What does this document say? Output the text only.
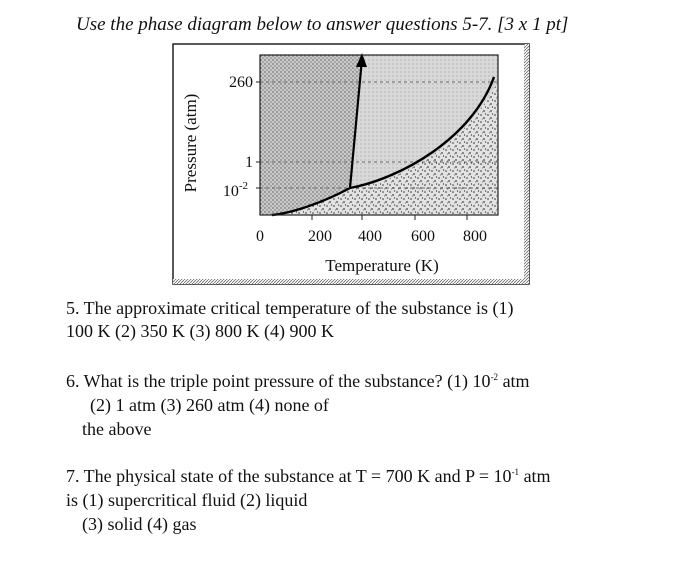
Use the phase diagram below to answer questions 5-7. [3 x 1 pt]
260
1
$10^{-2}$
0	200 400 600 800
Temperature (K)
Pressure (atm)
5. The approximate critical temperature of the substance is (1)
100 K (2) 350 K (3) 800 K (4) 900 K
6. What is the triple point pressure of the substance? (1) $10^{-2}$ atm
(2) 1 atm (3) 260 atm (4) none of
the above
7. The physical state of the substance at T = 700 K and $P = 10^{-1}$ atm
is (1) supercritical fluid (2) liquid
(3) solid (4) gas
